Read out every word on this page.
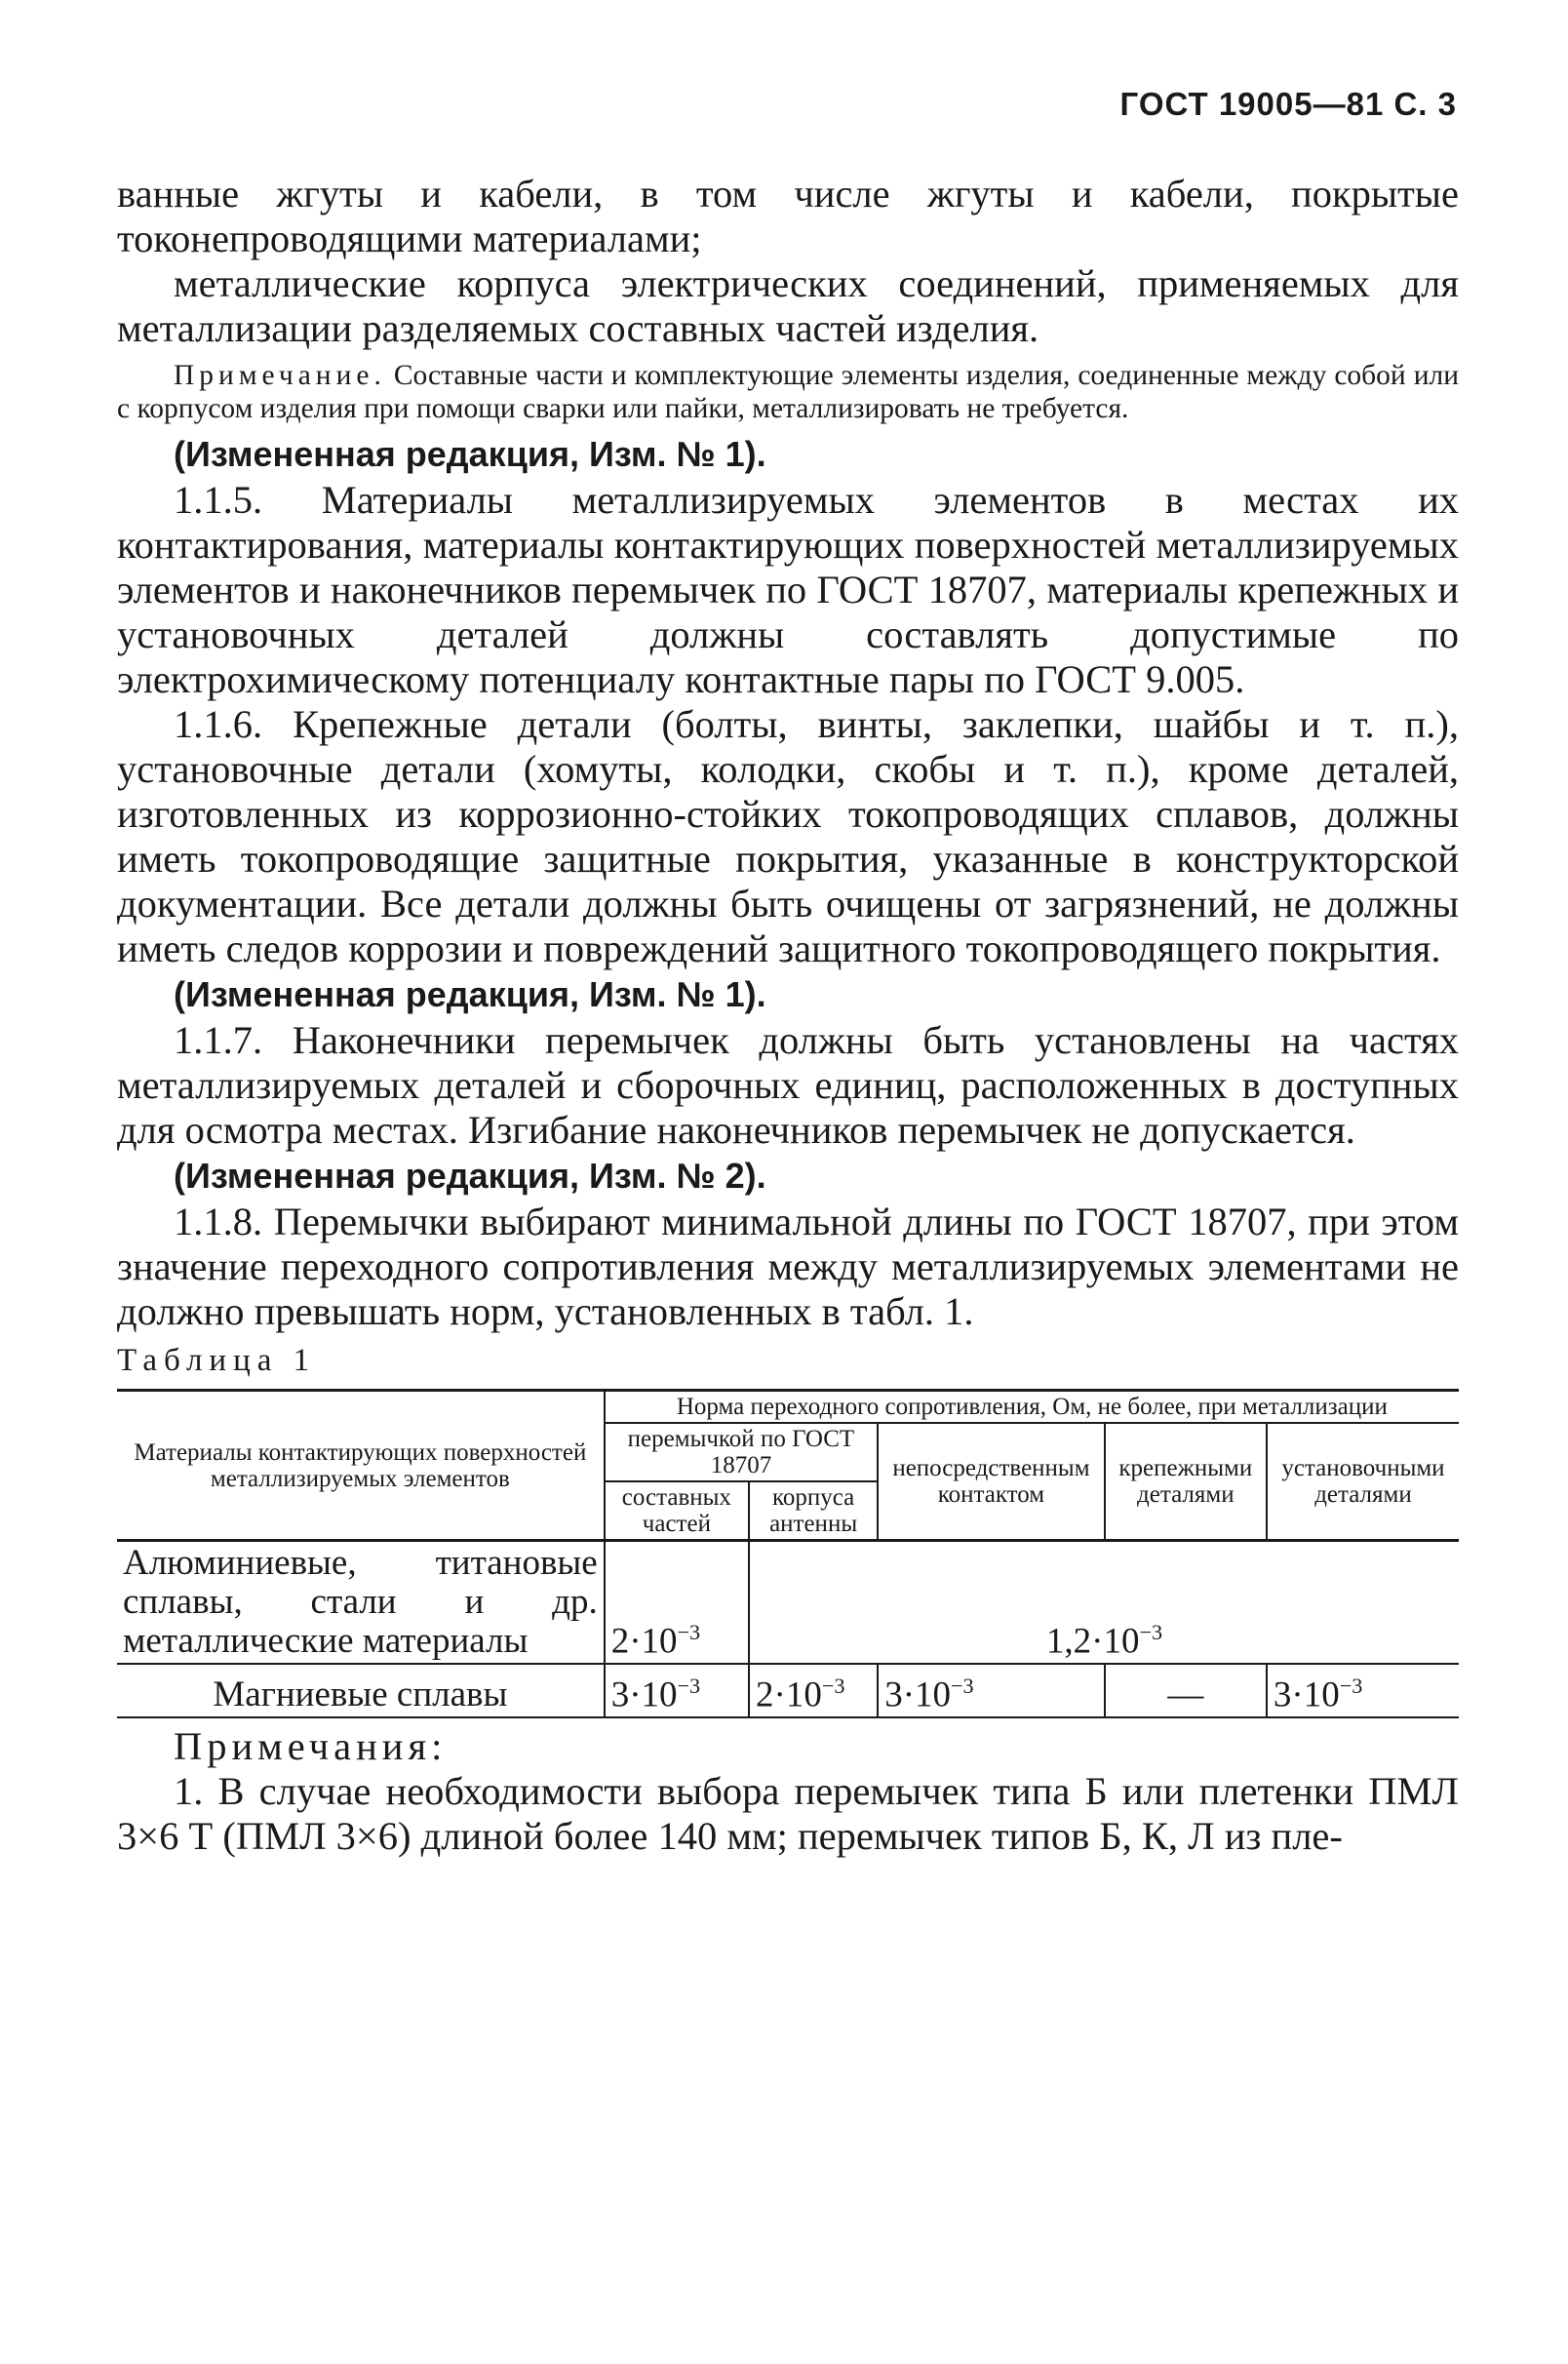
ГОСТ 19005—81 С. 3

ванные жгуты и кабели, в том числе жгуты и кабели, покрытые токонепроводящими материалами;

металлические корпуса электрических соединений, применяемых для металлизации разделяемых составных частей изделия.

Примечание. Составные части и комплектующие элементы изделия, соединенные между собой или с корпусом изделия при помощи сварки или пайки, металлизировать не требуется.

(Измененная редакция, Изм. № 1).

1.1.5. Материалы металлизируемых элементов в местах их контактирования, материалы контактирующих поверхностей металлизируемых элементов и наконечников перемычек по ГОСТ 18707, материалы крепежных и установочных деталей должны составлять допустимые по электрохимическому потенциалу контактные пары по ГОСТ 9.005.

1.1.6. Крепежные детали (болты, винты, заклепки, шайбы и т. п.), установочные детали (хомуты, колодки, скобы и т. п.), кроме деталей, изготовленных из коррозионно-стойких токопроводящих сплавов, должны иметь токопроводящие защитные покрытия, указанные в конструкторской документации. Все детали должны быть очищены от загрязнений, не должны иметь следов коррозии и повреждений защитного токопроводящего покрытия.

(Измененная редакция, Изм. № 1).

1.1.7. Наконечники перемычек должны быть установлены на частях металлизируемых деталей и сборочных единиц, расположенных в доступных для осмотра местах. Изгибание наконечников перемычек не допускается.

(Измененная редакция, Изм. № 2).

1.1.8. Перемычки выбирают минимальной длины по ГОСТ 18707, при этом значение переходного сопротивления между металлизируемых элементами не должно превышать норм, установленных в табл. 1.

Таблица 1

Материалы контактирующих поверхностей металлизируемых элементов	Норма переходного сопротивления, Ом, не более, при металлизации				
	перемычкой по ГОСТ 18707		непосредственным контактом	крепежными деталями	установочными деталями
	составных частей	корпуса антенны			
Алюминиевые, титановые сплавы, стали и др. металлические материалы	$2\cdot 10^{-3}$	$1,2\cdot 10^{-3}$
Магниевые сплавы	$3\cdot 10^{-3}$	$2\cdot 10^{-3}$	$3\cdot 10^{-3}$	—	$3\cdot 10^{-3}$

Примечания:

1. В случае необходимости выбора перемычек типа Б или плетенки ПМЛ 3×6 Т (ПМЛ 3×6) длиной более 140 мм; перемычек типов Б, К, Л из пле-
